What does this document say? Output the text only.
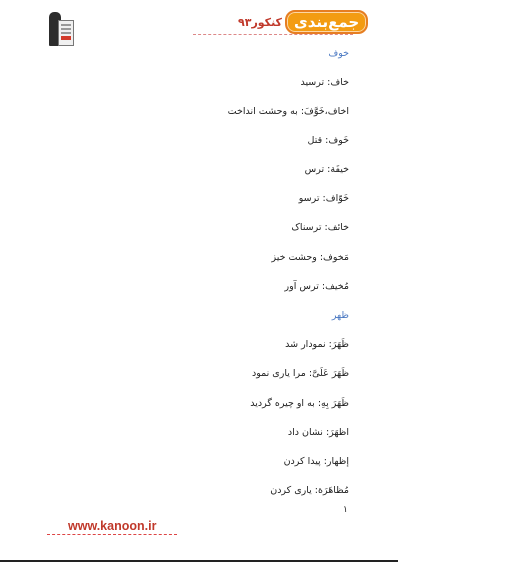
جمع‌بندی
کنکور۹۳
خوف
خاف: ترسید
اخاف،خَوَّفَ: به وحشت انداخت
خَوف: قتل
خیفَة: ترس
خَوّاف: ترسو
خائف: ترسناک
مَخوف: وحشت خیز
مُخیف: ترس آور
ظهر
ظَهَرَ: نمودار شد
ظَهَرَ عَلَیَّ: مرا یاری نمود
ظَهَرَ بِهِ: به او چیره گردید
اظهَرَ: نشان داد
إظهار: پیدا کردن
مُظاهَرَة: یاری کردن
۱
www.kanoon.ir
